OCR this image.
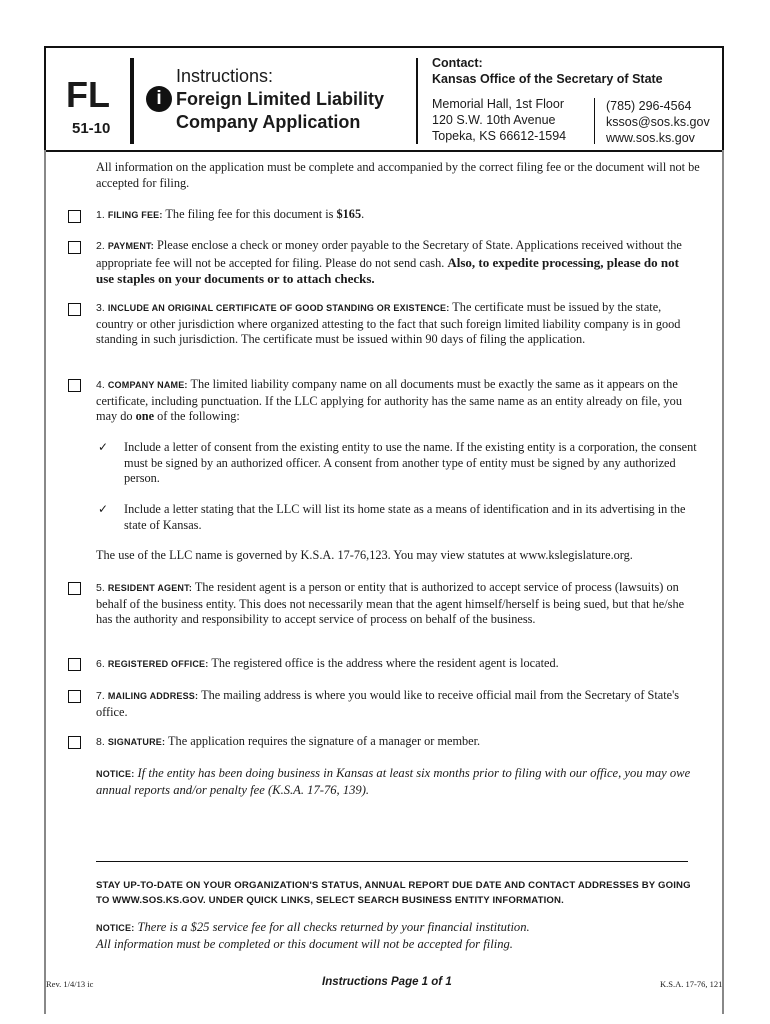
FL
51-10
i
Instructions:
Foreign Limited Liability
Company Application
Contact:
Kansas Office of the Secretary of State
Memorial Hall, 1st Floor
120 S.W. 10th Avenue
Topeka, KS 66612-1594
(785) 296-4564
kssos@sos.ks.gov
www.sos.ks.gov
All information on the application must be complete and accompanied by the correct filing fee or the document will not be accepted for filing.
1. FILING FEE: The filing fee for this document is $165.
2. PAYMENT: Please enclose a check or money order payable to the Secretary of State. Applications received without the appropriate fee will not be accepted for filing. Please do not send cash. Also, to expedite processing, please do not use staples on your documents or to attach checks.
3. INCLUDE AN ORIGINAL CERTIFICATE OF GOOD STANDING OR EXISTENCE: The certificate must be issued by the state, country or other jurisdiction where organized attesting to the fact that such foreign limited liability company is in good standing in such jurisdiction. The certificate must be issued within 90 days of filing the application.
4. COMPANY NAME: The limited liability company name on all documents must be exactly the same as it appears on the certificate, including punctuation. If the LLC applying for authority has the same name as an entity already on file, you may do one of the following:
✓ Include a letter of consent from the existing entity to use the name. If the existing entity is a corporation, the consent must be signed by an authorized officer. A consent from another type of entity must be signed by any authorized person.
✓ Include a letter stating that the LLC will list its home state as a means of identification and in its advertising in the state of Kansas.
The use of the LLC name is governed by K.S.A. 17-76,123. You may view statutes at www.kslegislature.org.
5. RESIDENT AGENT: The resident agent is a person or entity that is authorized to accept service of process (lawsuits) on behalf of the business entity. This does not necessarily mean that the agent himself/herself is being sued, but that he/she has the authority and responsibility to accept service of process on behalf of the business.
6. REGISTERED OFFICE: The registered office is the address where the resident agent is located.
7. MAILING ADDRESS: The mailing address is where you would like to receive official mail from the Secretary of State's office.
8. SIGNATURE: The application requires the signature of a manager or member.
NOTICE: If the entity has been doing business in Kansas at least six months prior to filing with our office, you may owe annual reports and/or penalty fee (K.S.A. 17-76, 139).
STAY UP-TO-DATE ON YOUR ORGANIZATION'S STATUS, ANNUAL REPORT DUE DATE AND CONTACT ADDRESSES BY GOING TO WWW.SOS.KS.GOV. UNDER QUICK LINKS, SELECT SEARCH BUSINESS ENTITY INFORMATION.
NOTICE: There is a $25 service fee for all checks returned by your financial institution.
All information must be completed or this document will not be accepted for filing.
Rev. 1/4/13 ic	Instructions Page 1 of 1	K.S.A. 17-76, 121
